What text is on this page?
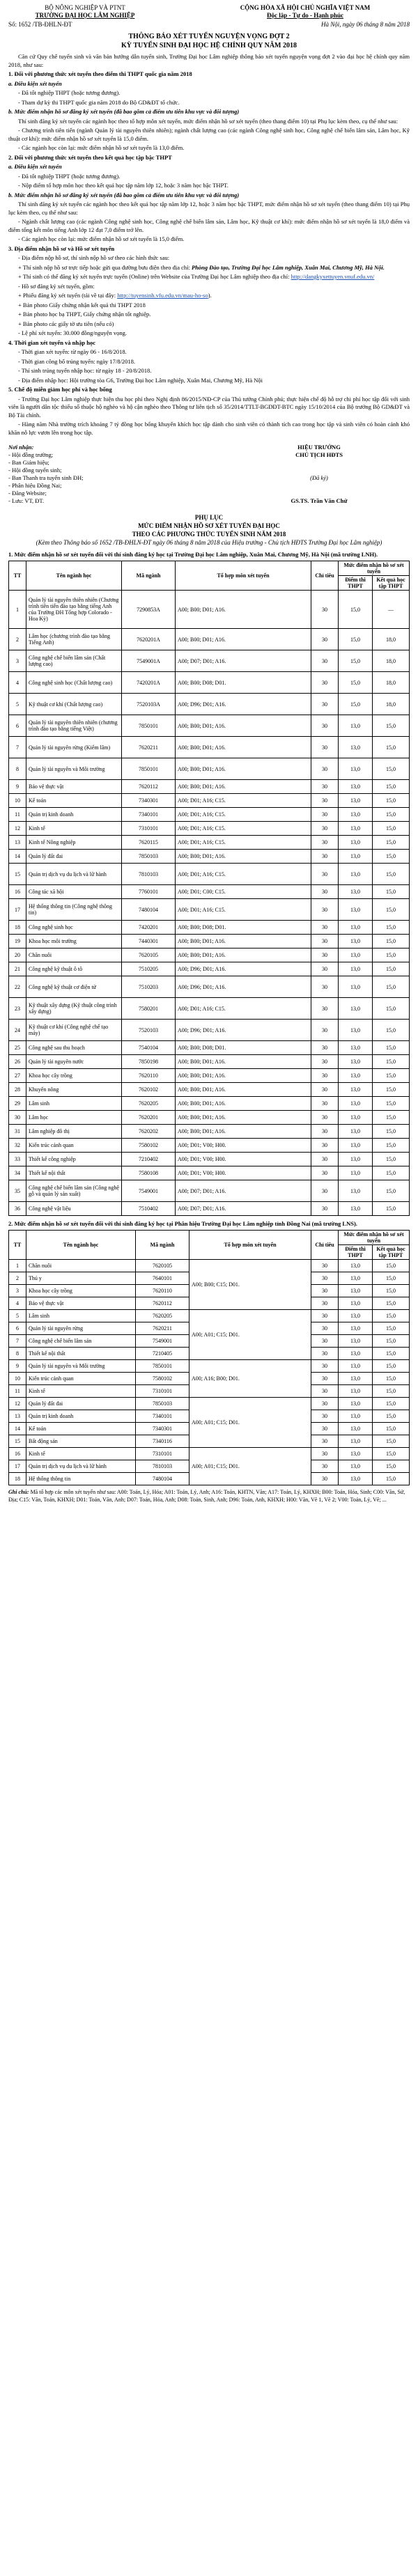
BỘ NÔNG NGHIỆP VÀ PTNT
TRƯỜNG ĐẠI HỌC LÂM NGHIỆP
CỘNG HÒA XÃ HỘI CHỦ NGHĨA VIỆT NAM
Độc lập - Tự do - Hạnh phúc
Số: 1652 /TB-ĐHLN-ĐT	Hà Nội, ngày 06 tháng 8 năm 2018
THÔNG BÁO XÉT TUYỂN NGUYỆN VỌNG ĐỢT 2
KỲ TUYỂN SINH ĐẠI HỌC HỆ CHÍNH QUY NĂM 2018

Căn cứ Quy chế tuyển sinh và văn bản hướng dẫn tuyển sinh, Trường Đại học Lâm nghiệp thông báo xét tuyển nguyện vọng đợt 2 vào đại học hệ chính quy năm 2018, như sau:

1. Đối với phương thức xét tuyển theo điểm thi THPT quốc gia năm 2018

a. Điều kiện xét tuyển

- Đã tốt nghiệp THPT (hoặc tương đương).

- Tham dự kỳ thi THPT quốc gia năm 2018 do Bộ GD&ĐT tổ chức.

b. Mức điểm nhận hồ sơ đăng ký xét tuyển (đã bao gồm cả điểm ưu tiên khu vực và đối tượng)

Thí sinh đăng ký xét tuyển các ngành học theo tổ hợp môn xét tuyển, mức điểm nhận hồ sơ xét tuyển (theo thang điểm 10) tại Phụ lục kèm theo, cụ thể như sau:

- Chương trình tiên tiến (ngành Quản lý tài nguyên thiên nhiên); ngành chất lượng cao (các ngành Công nghệ sinh học, Công nghệ chế biến lâm sản, Lâm học, Kỹ thuật cơ khí): mức điểm nhận hồ sơ xét tuyển là 15,0 điểm.

- Các ngành học còn lại: mức điểm nhận hồ sơ xét tuyển là 13,0 điểm.

2. Đối với phương thức xét tuyển theo kết quả học tập bậc THPT

a. Điều kiện xét tuyển

- Đã tốt nghiệp THPT (hoặc tương đương).

- Nộp điểm tổ hợp môn học theo kết quả học tập năm lớp 12, hoặc 3 năm học bậc THPT.

b. Mức điểm nhận hồ sơ đăng ký xét tuyển (đã bao gồm cả điểm ưu tiên khu vực và đối tượng)

Thí sinh đăng ký xét tuyển các ngành học theo kết quả học tập năm lớp 12, hoặc 3 năm học bậc THPT, mức điểm nhận hồ sơ xét tuyển (theo thang điểm 10) tại Phụ lục kèm theo, cụ thể như sau:

- Ngành chất lượng cao (các ngành Công nghệ sinh học, Công nghệ chế biến lâm sản, Lâm học, Kỹ thuật cơ khí): mức điểm nhận hồ sơ xét tuyển là 18,0 điểm và điểm tổng kết môn tiếng Anh lớp 12 đạt 7,0 điểm trở lên.

- Các ngành học còn lại: mức điểm nhận hồ sơ xét tuyển là 15,0 điểm.

3. Địa điểm nhận hồ sơ và Hồ sơ xét tuyển

- Địa điểm nộp hồ sơ, thí sinh nộp hồ sơ theo các hình thức sau:

+ Thí sinh nộp hồ sơ trực tiếp hoặc gửi qua đường bưu điện theo địa chỉ: Phòng Đào tạo, Trường Đại học Lâm nghiệp, Xuân Mai, Chương Mỹ, Hà Nội.

+ Thí sinh có thể đăng ký xét tuyển trực tuyến (Online) trên Website của Trường Đại học Lâm nghiệp theo địa chỉ: http://dangkyxettuyen.vnuf.edu.vn/

- Hồ sơ đăng ký xét tuyển, gồm:

+ Phiếu đăng ký xét tuyển (tải về tại đây: http://tuyensinh.vfu.edu.vn/mau-ho-so).

+ Bản photo Giấy chứng nhận kết quả thi THPT 2018

+ Bản photo học bạ THPT, Giấy chứng nhận tốt nghiệp.

+ Bản photo các giấy tờ ưu tiên (nếu có)

- Lệ phí xét tuyển: 30.000 đồng/nguyện vọng.

4. Thời gian xét tuyển và nhập học

- Thời gian xét tuyển: từ ngày 06 - 16/8/2018.

- Thời gian công bố trúng tuyển: ngày 17/8/2018.

- Thí sinh trúng tuyển nhập học: từ ngày 18 - 20/8/2018.

- Địa điểm nhập học: Hội trường tòa G6, Trường Đại học Lâm nghiệp, Xuân Mai, Chương Mỹ, Hà Nội

5. Chế độ miễn giảm học phí và học bổng

- Trường Đại học Lâm nghiệp thực hiện thu học phí theo Nghị định 86/2015/NĐ-CP của Thủ tướng Chính phủ; thực hiện chế độ hỗ trợ chi phí học tập đối với sinh viên là người dân tộc thiểu số thuộc hộ nghèo và hộ cận nghèo theo Thông tư liên tịch số 35/2014/TTLT-BGDĐT-BTC ngày 15/10/2014 của Bộ trưởng Bộ GD&ĐT và Bộ Tài chính.

- Hàng năm Nhà trường trích khoảng 7 tỷ đồng học bổng khuyến khích học tập dành cho sinh viên có thành tích cao trong học tập và sinh viên có hoàn cảnh khó khăn nỗ lực vươn lên trong học tập.

Nơi nhận:
- Hội đồng trường;
- Ban Giám hiệu;
- Hội đồng tuyển sinh;
- Ban Thanh tra tuyển sinh ĐH;
- Phân hiệu Đồng Nai;
- Đăng Website;
- Lưu: VT, ĐT.
HIỆU TRƯỞNG
CHỦ TỊCH HĐTS
(Đã ký)
GS.TS. Trần Văn Chứ
PHỤ LỤC
MỨC ĐIỂM NHẬN HỒ SƠ XÉT TUYỂN ĐẠI HỌC
THEO CÁC PHƯƠNG THỨC TUYỂN SINH NĂM 2018
(Kèm theo Thông báo số 1652 /TB-ĐHLN-ĐT ngày 06 tháng 8 năm 2018 của Hiệu trưởng - Chủ tịch HĐTS Trường Đại học Lâm nghiệp)
1. Mức điểm nhận hồ sơ xét tuyển đối với thí sinh đăng ký học tại Trường Đại học Lâm nghiệp, Xuân Mai, Chương Mỹ, Hà Nội (mã trường LNH).
TT	Tên ngành học	Mã ngành	Tổ hợp môn xét tuyển	Chỉ tiêu	Mức điểm nhận hồ sơ xét tuyển	
					Điểm thi THPT	Kết quả học tập THPT
1	Quản lý tài nguyên thiên nhiên (Chương trình tiên tiến đào tạo bằng tiếng Anh của Trường ĐH Tổng hợp Colorado - Hoa Kỳ)	7290853A	A00; B00; D01; A16.	30	15,0	—
2	Lâm học (chương trình đào tạo bằng Tiếng Anh)	7620201A	A00; B00; D01; A16.	30	15,0	18,0
3	Công nghệ chế biến lâm sản (Chất lượng cao)	7549001A	A00; D07; D01; A16.	30	15,0	18,0
4	Công nghệ sinh học (Chất lượng cao)	7420201A	A00; B00; D08; D01.	30	15,0	18,0
5	Kỹ thuật cơ khí (Chất lượng cao)	7520103A	A00; D96; D01; A16.	30	15,0	18,0
6	Quản lý tài nguyên thiên nhiên (chương trình đào tạo bằng tiếng Việt)	7850101	A00; B00; D01; A16.	30	13,0	15,0
7	Quản lý tài nguyên rừng (Kiểm lâm)	7620211	A00; B00; D01; A16.	30	13,0	15,0
8	Quản lý tài nguyên và Môi trường	7850101	A00; B00; D01; A16.	30	13,0	15,0
9	Bảo vệ thực vật	7620112	A00; B00; D01; A16.	30	13,0	15,0
10	Kế toán	7340301	A00; D01; A16; C15.	30	13,0	15,0
11	Quản trị kinh doanh	7340101	A00; D01; A16; C15.	30	13,0	15,0
12	Kinh tế	7310101	A00; D01; A16; C15.	30	13,0	15,0
13	Kinh tế Nông nghiệp	7620115	A00; D01; A16; C15.	30	13,0	15,0
14	Quản lý đất đai	7850103	A00; B00; D01; A16.	30	13,0	15,0
15	Quản trị dịch vụ du lịch và lữ hành	7810103	A00; D01; A16; C15.	30	13,0	15,0
16	Công tác xã hội	7760101	A00; D01; C00; C15.	30	13,0	15,0
17	Hệ thống thông tin (Công nghệ thông tin)	7480104	A00; D01; A16; C15.	30	13,0	15,0
18	Công nghệ sinh học	7420201	A00; B00; D08; D01.	30	13,0	15,0
19	Khoa học môi trường	7440301	A00; B00; D01; A16.	30	13,0	15,0
20	Chăn nuôi	7620105	A00; B00; D01; A16.	30	13,0	15,0
21	Công nghệ kỹ thuật ô tô	7510205	A00; D96; D01; A16.	30	13,0	15,0
22	Công nghệ kỹ thuật cơ điện tử	7510203	A00; D96; D01; A16.	30	13,0	15,0
23	Kỹ thuật xây dựng (Kỹ thuật công trình xây dựng)	7580201	A00; D01; A16; C15.	30	13,0	15,0
24	Kỹ thuật cơ khí (Công nghệ chế tạo máy)	7520103	A00; D96; D01; A16.	30	13,0	15,0
25	Công nghệ sau thu hoạch	7540104	A00; B00; D08; D01.	30	13,0	15,0
26	Quản lý tài nguyên nước	7850198	A00; B00; D01; A16.	30	13,0	15,0
27	Khoa học cây trồng	7620110	A00; B00; D01; A16.	30	13,0	15,0
28	Khuyến nông	7620102	A00; B00; D01; A16.	30	13,0	15,0
29	Lâm sinh	7620205	A00; B00; D01; A16.	30	13,0	15,0
30	Lâm học	7620201	A00; B00; D01; A16.	30	13,0	15,0
31	Lâm nghiệp đô thị	7620202	A00; B00; D01; A16.	30	13,0	15,0
32	Kiến trúc cảnh quan	7580102	A00; D01; V00; H00.	30	13,0	15,0
33	Thiết kế công nghiệp	7210402	A00; D01; V00; H00.	30	13,0	15,0
34	Thiết kế nội thất	7580108	A00; D01; V00; H00.	30	13,0	15,0
35	Công nghệ chế biến lâm sản (Công nghệ gỗ và quản lý sản xuất)	7549001	A00; D07; D01; A16.	30	13,0	15,0
36	Công nghệ vật liệu	7510402	A00; D07; D01; A16.	30	13,0	15,0
2. Mức điểm nhận hồ sơ xét tuyển đối với thí sinh đăng ký học tại Phân hiệu Trường Đại học Lâm nghiệp tỉnh Đồng Nai (mã trường LNS).
TT	Tên ngành học	Mã ngành	Tổ hợp môn xét tuyển	Chỉ tiêu	Mức điểm nhận hồ sơ xét tuyển	
					Điểm thi THPT	Kết quả học tập THPT
1	Chăn nuôi	7620105	A00; B00; C15; D01.	30	13,0	15,0
2	Thú y	7640101		30	13,0	15,0
3	Khoa học cây trồng	7620110		30	13,0	15,0
4	Bảo vệ thực vật	7620112		30	13,0	15,0
5	Lâm sinh	7620205	A00; A01; C15; D01.	30	13,0	15,0
6	Quản lý tài nguyên rừng	7620211		30	13,0	15,0
7	Công nghệ chế biến lâm sản	7549001		30	13,0	15,0
8	Thiết kế nội thất	7210405		30	13,0	15,0
9	Quản lý tài nguyên và Môi trường	7850101	A00; A16; B00; D01.	30	13,0	15,0
10	Kiến trúc cảnh quan	7580102		30	13,0	15,0
11	Kinh tế	7310101		30	13,0	15,0
12	Quản lý đất đai	7850103	A00; A01; C15; D01.	30	13,0	15,0
13	Quản trị kinh doanh	7340101		30	13,0	15,0
14	Kế toán	7340301		30	13,0	15,0
15	Bất động sản	7340116		30	13,0	15,0
16	Kinh tế	7310101	A00; A01; C15; D01.	30	13,0	15,0
17	Quản trị dịch vụ du lịch và lữ hành	7810103		30	13,0	15,0
18	Hệ thống thông tin	7480104		30	13,0	15,0
Ghi chú: Mã tổ hợp các môn xét tuyển như sau: A00: Toán, Lý, Hóa; A01: Toán, Lý, Anh; A16: Toán, KHTN, Văn; A17: Toán, Lý, KHXH; B00: Toán, Hóa, Sinh; C00: Văn, Sử, Địa; C15: Văn, Toán, KHXH; D01: Toán, Văn, Anh; D07: Toán, Hóa, Anh; D08: Toán, Sinh, Anh; D96: Toán, Anh, KHXH; H00: Văn, Vẽ 1, Vẽ 2; V00: Toán, Lý, Vẽ; ...
